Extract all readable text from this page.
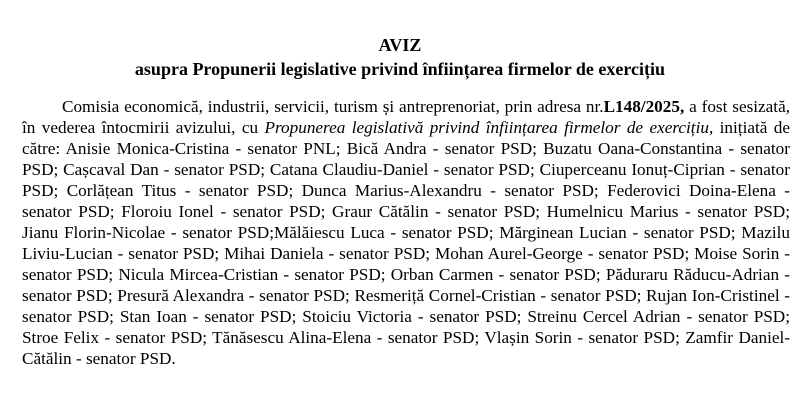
AVIZ
asupra Propunerii legislative privind înființarea firmelor de exercițiu

Comisia economică, industrii, servicii, turism și antreprenoriat, prin adresa nr.L148/2025, a fost sesizată, în vederea întocmirii avizului, cu Propunerea legislativă privind înființarea firmelor de exercițiu, inițiată de către: Anisie Monica-Cristina - senator PNL; Bică Andra - senator PSD; Buzatu Oana-Constantina - senator PSD; Cașcaval Dan - senator PSD; Catana Claudiu-Daniel - senator PSD; Ciuperceanu Ionuț-Ciprian - senator PSD; Corlățean Titus - senator PSD; Dunca Marius-Alexandru - senator PSD; Federovici Doina-Elena - senator PSD; Floroiu Ionel - senator PSD; Graur Cătălin - senator PSD; Humelnicu Marius - senator PSD; Jianu Florin-Nicolae - senator PSD;Mălăiescu Luca - senator PSD; Mărginean Lucian - senator PSD; Mazilu Liviu-Lucian - senator PSD; Mihai Daniela - senator PSD; Mohan Aurel-George - senator PSD; Moise Sorin - senator PSD; Nicula Mircea-Cristian - senator PSD; Orban Carmen - senator PSD; Păduraru Răducu-Adrian - senator PSD; Presură Alexandra - senator PSD; Resmeriță Cornel-Cristian - senator PSD; Rujan Ion-Cristinel - senator PSD; Stan Ioan - senator PSD; Stoiciu Victoria - senator PSD; Streinu Cercel Adrian - senator PSD; Stroe Felix - senator PSD; Tănăsescu Alina-Elena - senator PSD; Vlașin Sorin - senator PSD; Zamfir Daniel-Cătălin - senator PSD.
